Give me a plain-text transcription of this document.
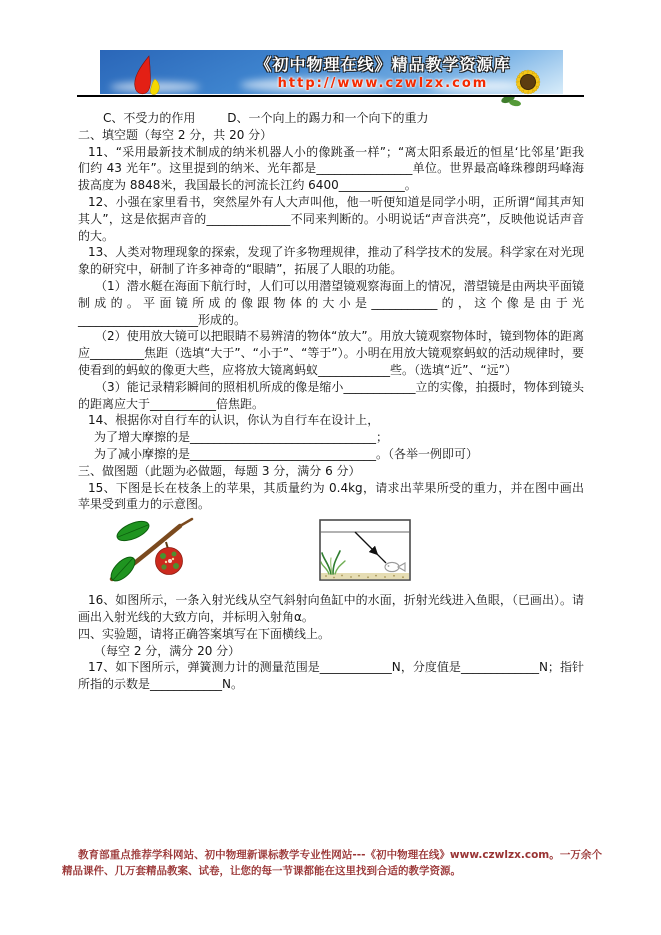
《初中物理在线》精品教学资源库
http://www.czwlzx.com

C、不受力的作用	D、一个向上的踢力和一个向下的重力

二、填空题（每空 2 分，共 20 分）

11、“采用最新技术制成的纳米机器人小的像跳蚤一样”；“离太阳系最近的恒星‘比邻星’距我们约 43 光年”。这里提到的纳米、光年都是________________单位。世界最高峰珠穆朗玛峰海拔高度为 8848米，我国最长的河流长江约 6400___________。

12、小强在家里看书，突然屋外有人大声叫他，他一听便知道是同学小明，正所谓“闻其声知其人”，这是依据声音的______________不同来判断的。小明说话“声音洪亮”，反映他说话声音的大。

13、人类对物理现象的探索，发现了许多物理规律，推动了科学技术的发展。科学家在对光现象的研究中，研制了许多神奇的“眼睛”，拓展了人眼的功能。

（1）潜水艇在海面下航行时，人们可以用潜望镜观察海面上的情况，潜望镜是由两块平面镜制成的。平面镜所成的像跟物体的大小是___________的，这个像是由于光____________________形成的。

（2）使用放大镜可以把眼睛不易辨清的物体“放大”。用放大镜观察物体时，镜到物体的距离应_________焦距（选填“大于”、“小于”、“等于”）。小明在用放大镜观察蚂蚁的活动规律时，要使看到的蚂蚁的像更大些，应将放大镜离蚂蚁____________些。（选填“近”、“远”）

（3）能记录精彩瞬间的照相机所成的像是缩小____________立的实像，拍摄时，物体到镜头的距离应大于___________倍焦距。

14、根据你对自行车的认识，你认为自行车在设计上，

为了增大摩擦的是_______________________________；

为了减小摩擦的是_______________________________。（各举一例即可）

三、做图题（此题为必做题，每题 3 分，满分 6 分）

15、下图是长在枝条上的苹果，其质量约为 0.4kg，请求出苹果所受的重力，并在图中画出苹果受到重力的示意图。

16、如图所示，一条入射光线从空气斜射向鱼缸中的水面，折射光线进入鱼眼，（已画出）。请画出入射光线的大致方向，并标明入射角α。

四、实验题，请将正确答案填写在下面横线上。

（每空 2 分，满分 20 分）

17、如下图所示，弹簧测力计的测量范围是____________N，分度值是_____________N；指针所指的示数是____________N。

教育部重点推荐学科网站、初中物理新课标教学专业性网站---《初中物理在线》www.czwlzx.com。一万余个精品课件、几万套精品教案、试卷，让您的每一节课都能在这里找到合适的教学资源。
